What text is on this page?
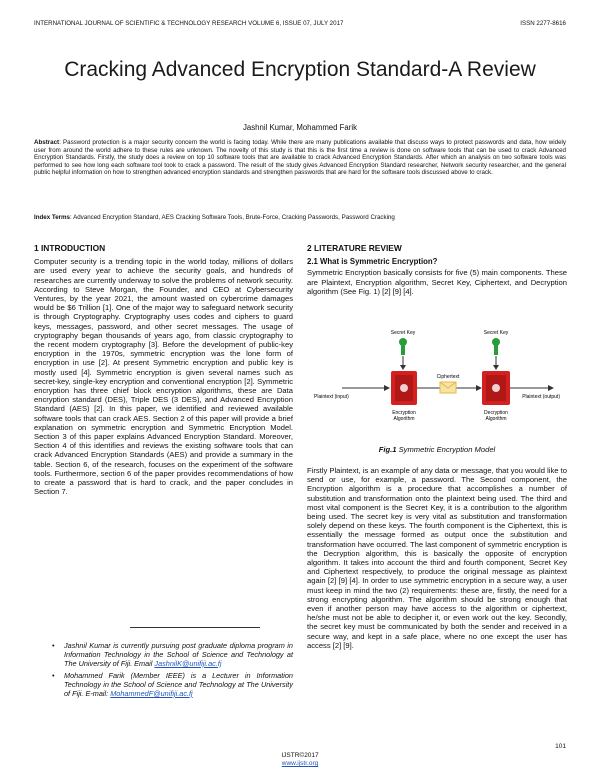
INTERNATIONAL JOURNAL OF SCIENTIFIC & TECHNOLOGY RESEARCH VOLUME 6, ISSUE 07, JULY 2017	ISSN 2277-8616
Cracking Advanced Encryption Standard-A Review
Jashnil Kumar, Mohammed Farik
Abstract: Password protection is a major security concern the world is facing today. While there are many publications available that discuss ways to protect passwords and data, how widely user from around the world adhere to these rules are unknown. The novelty of this study is that this is the first time a review is done on software tools that can be used to crack Advanced Encryption Standards. Firstly, the study does a review on top 10 software tools that are available to crack Advanced Encryption Standards. After which an analysis on two software tools was performed to see how long each software tool took to crack a password. The result of the study gives Advanced Encryption Standard researcher, Network security researcher, and the general public helpful information on how to strengthen advanced encryption standards and strengthen passwords that are hard for the software tools discussed above to crack.
Index Terms: Advanced Encryption Standard, AES Cracking Software Tools, Brute-Force, Cracking Passwords, Password Cracking
1 INTRODUCTION
Computer security is a trending topic in the world today, millions of dollars are used every year to achieve the security goals, and hundreds of researches are currently underway to solve the problems of network security. According to Steve Morgan, the Founder, and CEO at Cybersecurity Ventures, by the year 2021, the amount wasted on cybercrime damages would be $6 Trillion [1]. One of the major way to safeguard network security is through Cryptography. Cryptography uses codes and ciphers to guard keys, messages, password, and other secret messages. The usage of cryptography began thousands of years ago, from classic cryptography to the recent modern cryptography [3]. Before the development of public-key encryption in the 1970s, symmetric encryption was the lone form of encryption in use [2]. At present Symmetric encryption and public key is mostly used [4]. Symmetric encryption is given several names such as secret-key, single-key encryption and conventional encryption [2]. Symmetric encryption has three chief block encryption algorithms, these are Data encryption standard (DES), Triple DES (3 DES), and Advanced Encryption Standard (AES) [2]. In this paper, we identified and reviewed available software tools that can crack AES. Section 2 of this paper will provide a brief explanation on symmetric encryption and Symmetric Encryption Model. Section 3 of this paper explains Advanced Encryption Standard. Moreover, Section 4 of this identifies and reviews the existing software tools that can crack Advanced Encryption Standards (AES) and provide a summary in the table. Section 6, of the research, focuses on the experiment of the software tools. Furthermore, section 6 of the paper provides recommendations of how to create a password that is hard to crack, and the paper concludes in Section 7.
• Jashnil Kumar is currently pursuing post graduate diploma program in Information Technology in the School of Science and Technology at The University of Fiji. Email JashnilK@unifiji.ac.fj
• Mohammed Farik (Member IEEE) is a Lecturer in Information Technology in the School of Science and Technology at The University of Fiji. E-mail: MohammedF@unifiji.ac.fj
2 LITERATURE REVIEW
2.1 What is Symmetric Encryption?
Symmetric Encryption basically consists for five (5) main components. These are Plaintext, Encryption algorithm, Secret Key, Ciphertext, and Decryption algorithm (See Fig. 1) [2] [9] [4].
Secret Key	Secret Key
Ciphertext
Plaintext (input)	Plaintext (output)
Encryption
Algorithm
Decryption
Algorithm
Fig.1 Symmetric Encryption Model
Firstly Plaintext, is an example of any data or message, that you would like to send or use, for example, a password. The Second component, the Encryption algorithm is a procedure that accomplishes a number of substitution and transformation onto the plaintext being used. The third and most vital component is the Secret Key, it is a contribution to the algorithm being used. The secret key is very vital as substitution and transformation solely depend on these keys. The fourth component is the Ciphertext, this is essentially the message formed as output once the substitution and transformation have occurred. The last component of symmetric encryption is the Decryption algorithm, this is basically the opposite of encryption algorithm. It takes into account the third and fourth component, Secret Key and Ciphertext respectively, to produce the original message as plaintext again [2] [9] [4]. In order to use symmetric encryption in a secure way, a user must keep in mind the two (2) requirements: these are, firstly, the need for a strong encrypting algorithm. The algorithm should be strong enough that even if another person may have access to the algorithm or ciphertext, he/she must not be able to decipher it, or even work out the key. Secondly, the secret key must be communicated by both the sender and received in a secure way, and kept in a safe place, where no one except the user has access [2] [9].
101
IJSTR©2017
www.ijstr.org
